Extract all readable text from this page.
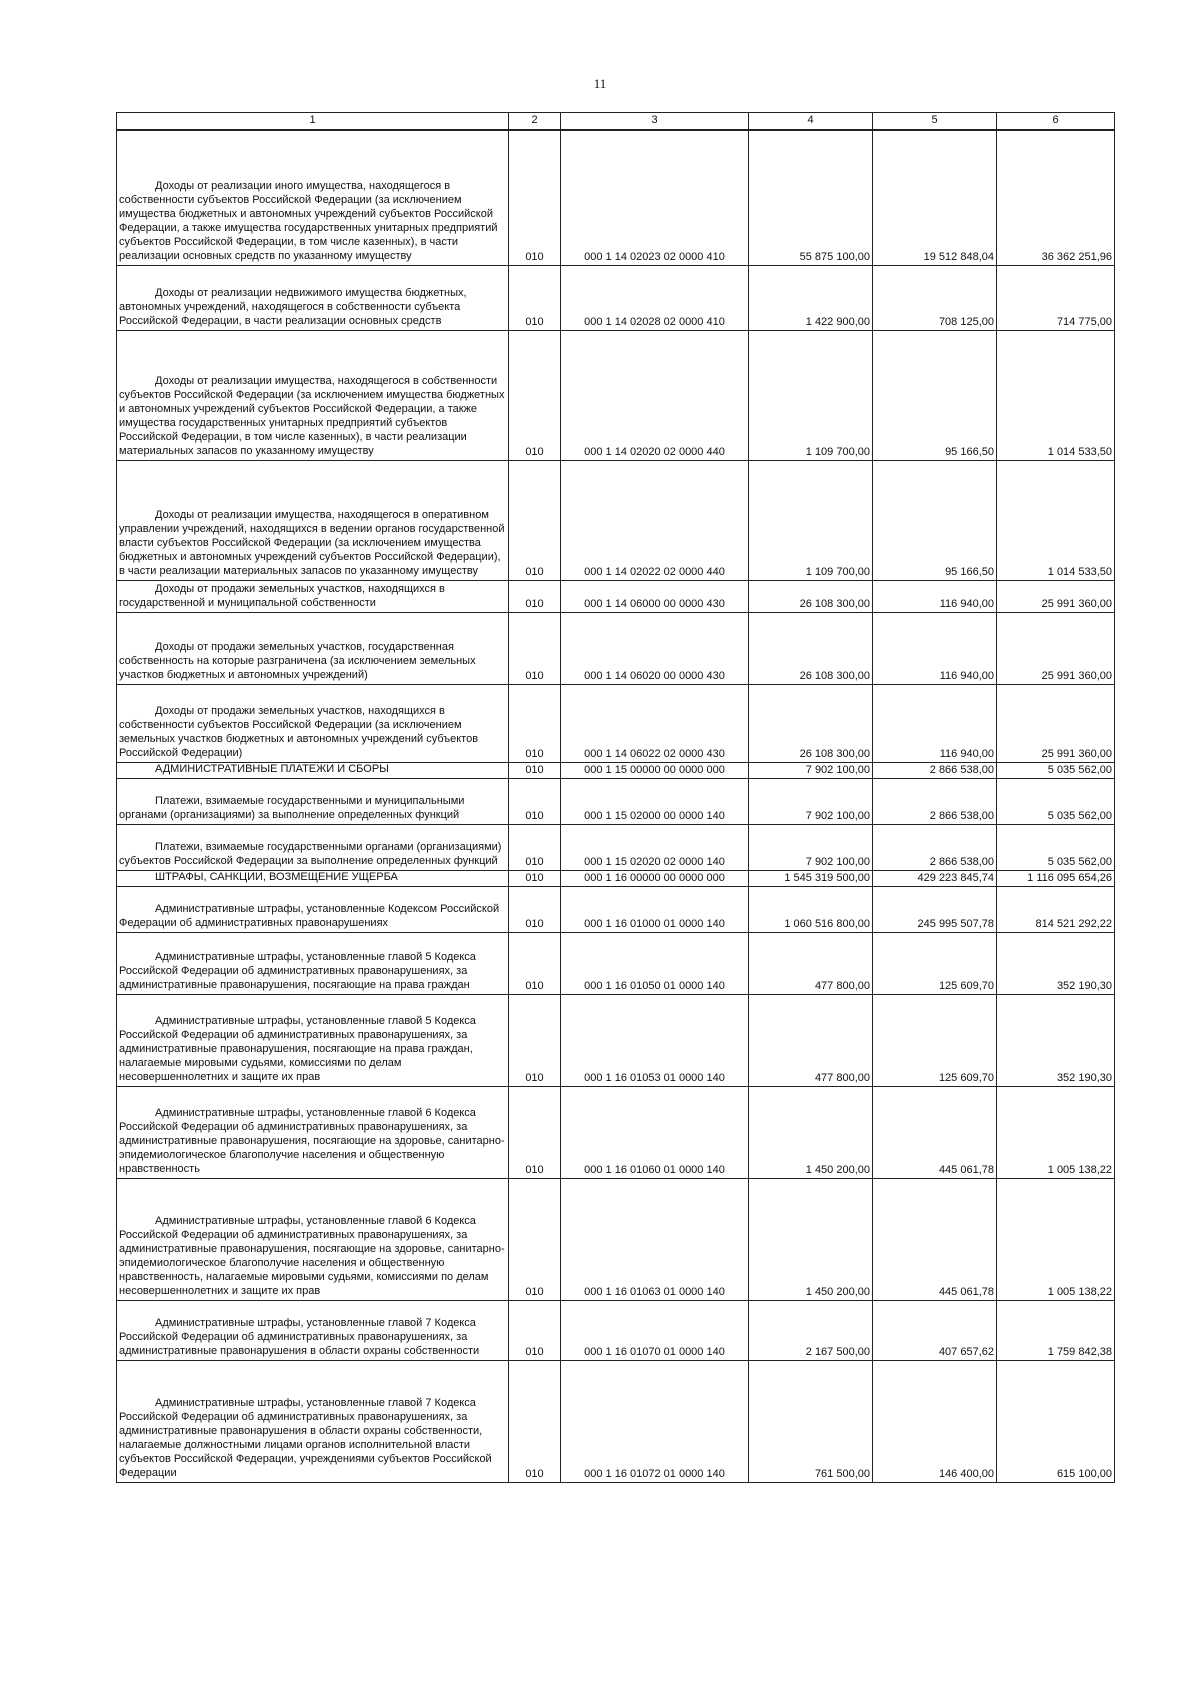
11
1	2	3	4	5	6
Доходы от реализации иного имущества, находящегося в собственности субъектов Российской Федерации (за исключением имущества бюджетных и автономных учреждений субъектов Российской Федерации, а также имущества государственных унитарных предприятий субъектов Российской Федерации, в том числе казенных), в части реализации основных средств по указанному имуществу	010	000 1 14 02023 02 0000 410	55 875 100,00	19 512 848,04	36 362 251,96
Доходы от реализации недвижимого имущества бюджетных, автономных учреждений, находящегося в собственности субъекта Российской Федерации, в части реализации основных средств	010	000 1 14 02028 02 0000 410	1 422 900,00	708 125,00	714 775,00
Доходы от реализации имущества, находящегося в собственности субъектов Российской Федерации (за исключением имущества бюджетных и автономных учреждений субъектов Российской Федерации, а также имущества государственных унитарных предприятий субъектов Российской Федерации, в том числе казенных), в части реализации материальных запасов по указанному имуществу	010	000 1 14 02020 02 0000 440	1 109 700,00	95 166,50	1 014 533,50
Доходы от реализации имущества, находящегося в оперативном управлении учреждений, находящихся в ведении органов государственной власти субъектов Российской Федерации (за исключением имущества бюджетных и автономных учреждений субъектов Российской Федерации), в части реализации материальных запасов по указанному имуществу	010	000 1 14 02022 02 0000 440	1 109 700,00	95 166,50	1 014 533,50
Доходы от продажи земельных участков, находящихся в государственной и муниципальной собственности	010	000 1 14 06000 00 0000 430	26 108 300,00	116 940,00	25 991 360,00
Доходы от продажи земельных участков, государственная собственность на которые разграничена (за исключением земельных участков бюджетных и автономных учреждений)	010	000 1 14 06020 00 0000 430	26 108 300,00	116 940,00	25 991 360,00
Доходы от продажи земельных участков, находящихся в собственности субъектов Российской Федерации (за исключением земельных участков бюджетных и автономных учреждений субъектов Российской Федерации)	010	000 1 14 06022 02 0000 430	26 108 300,00	116 940,00	25 991 360,00
АДМИНИСТРАТИВНЫЕ ПЛАТЕЖИ И СБОРЫ	010	000 1 15 00000 00 0000 000	7 902 100,00	2 866 538,00	5 035 562,00
Платежи, взимаемые государственными и муниципальными органами (организациями) за выполнение определенных функций	010	000 1 15 02000 00 0000 140	7 902 100,00	2 866 538,00	5 035 562,00
Платежи, взимаемые государственными органами (организациями) субъектов Российской Федерации за выполнение определенных функций	010	000 1 15 02020 02 0000 140	7 902 100,00	2 866 538,00	5 035 562,00
ШТРАФЫ, САНКЦИИ, ВОЗМЕЩЕНИЕ УЩЕРБА	010	000 1 16 00000 00 0000 000	1 545 319 500,00	429 223 845,74	1 116 095 654,26
Административные штрафы, установленные Кодексом Российской Федерации об административных правонарушениях	010	000 1 16 01000 01 0000 140	1 060 516 800,00	245 995 507,78	814 521 292,22
Административные штрафы, установленные главой 5 Кодекса Российской Федерации об административных правонарушениях, за административные правонарушения, посягающие на права граждан	010	000 1 16 01050 01 0000 140	477 800,00	125 609,70	352 190,30
Административные штрафы, установленные главой 5 Кодекса Российской Федерации об административных правонарушениях, за административные правонарушения, посягающие на права граждан, налагаемые мировыми судьями, комиссиями по делам несовершеннолетних и защите их прав	010	000 1 16 01053 01 0000 140	477 800,00	125 609,70	352 190,30
Административные штрафы, установленные главой 6 Кодекса Российской Федерации об административных правонарушениях, за административные правонарушения, посягающие на здоровье, санитарно-эпидемиологическое благополучие населения и общественную нравственность	010	000 1 16 01060 01 0000 140	1 450 200,00	445 061,78	1 005 138,22
Административные штрафы, установленные главой 6 Кодекса Российской Федерации об административных правонарушениях, за административные правонарушения, посягающие на здоровье, санитарно-эпидемиологическое благополучие населения и общественную нравственность, налагаемые мировыми судьями, комиссиями по делам несовершеннолетних и защите их прав	010	000 1 16 01063 01 0000 140	1 450 200,00	445 061,78	1 005 138,22
Административные штрафы, установленные главой 7 Кодекса Российской Федерации об административных правонарушениях, за административные правонарушения в области охраны собственности	010	000 1 16 01070 01 0000 140	2 167 500,00	407 657,62	1 759 842,38
Административные штрафы, установленные главой 7 Кодекса Российской Федерации об административных правонарушениях, за административные правонарушения в области охраны собственности, налагаемые должностными лицами органов исполнительной власти субъектов Российской Федерации, учреждениями субъектов Российской Федерации	010	000 1 16 01072 01 0000 140	761 500,00	146 400,00	615 100,00
